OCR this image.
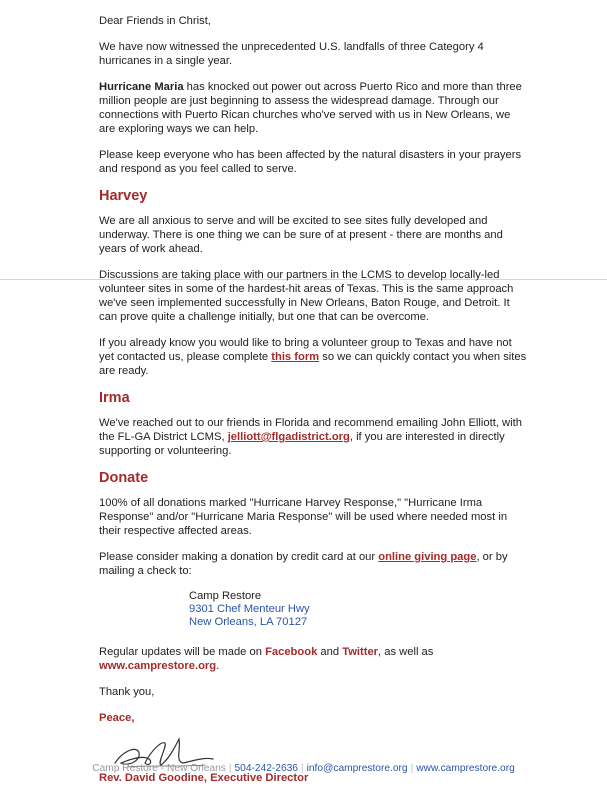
Dear Friends in Christ,

We have now witnessed the unprecedented U.S. landfalls of three Category 4 hurricanes in a single year.

Hurricane Maria has knocked out power out across Puerto Rico and more than three million people are just beginning to assess the widespread damage. Through our connections with Puerto Rican churches who've served with us in New Orleans, we are exploring ways we can help.

Please keep everyone who has been affected by the natural disasters in your prayers and respond as you feel called to serve.

Harvey

We are all anxious to serve and will be excited to see sites fully developed and underway. There is one thing we can be sure of at present - there are months and years of work ahead.

Discussions are taking place with our partners in the LCMS to develop locally-led volunteer sites in some of the hardest-hit areas of Texas. This is the same approach we've seen implemented successfully in New Orleans, Baton Rouge, and Detroit. It can prove quite a challenge initially, but one that can be overcome.

If you already know you would like to bring a volunteer group to Texas and have not yet contacted us, please complete this form so we can quickly contact you when sites are ready.

Irma

We've reached out to our friends in Florida and recommend emailing John Elliott, with the FL-GA District LCMS, jelliott@flgadistrict.org, if you are interested in directly supporting or volunteering.

Donate

100% of all donations marked "Hurricane Harvey Response," "Hurricane Irma Response" and/or "Hurricane Maria Response" will be used where needed most in their respective affected areas.

Please consider making a donation by credit card at our online giving page, or by mailing a check to:

Camp Restore
9301 Chef Menteur Hwy
New Orleans, LA 70127

Regular updates will be made on Facebook and Twitter, as well as www.camprestore.org.

Thank you,

Peace,
Rev. David Goodine, Executive Director
Camp Restore - New Orleans | 504-242-2636 | info@camprestore.org | www.camprestore.org
